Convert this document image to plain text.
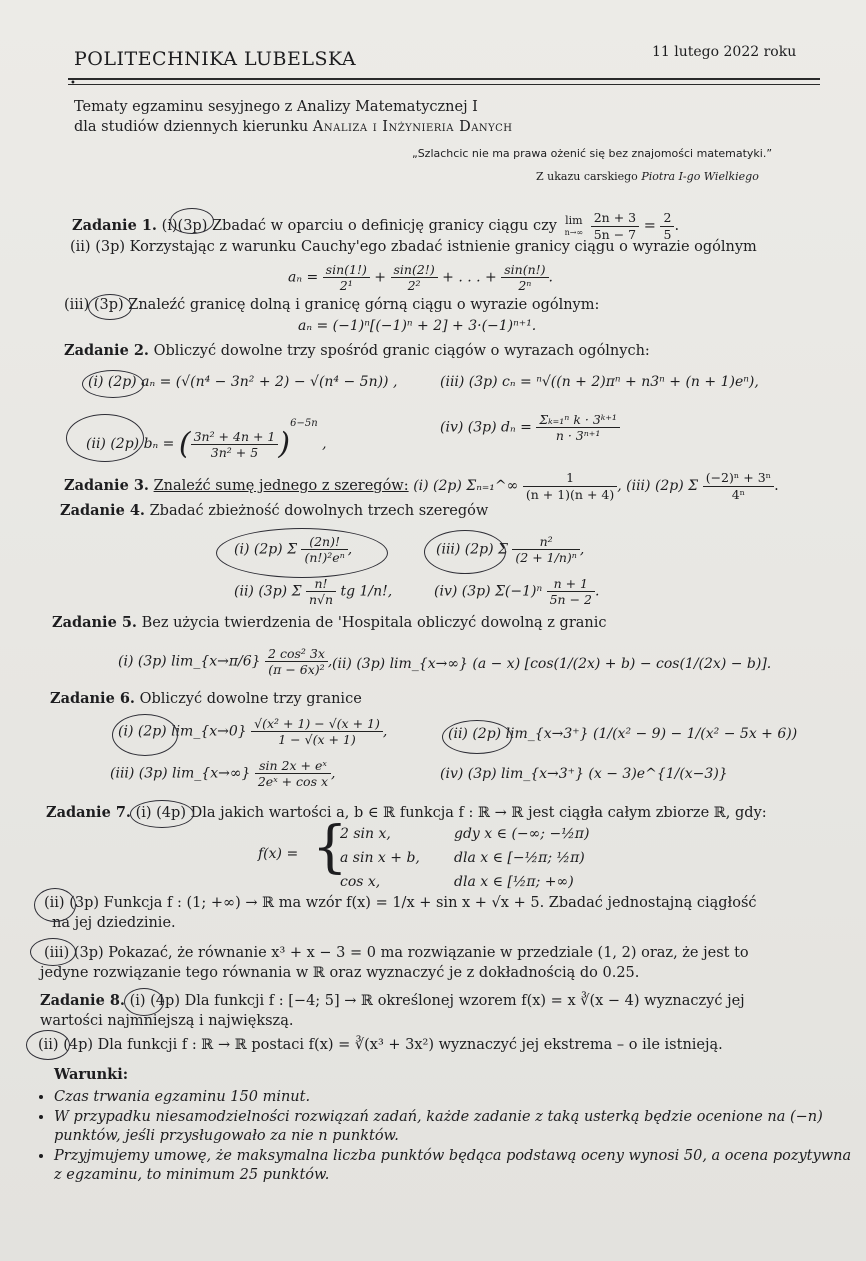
POLITECHNIKA LUBELSKA	11 lutego 2022 roku
•
Tematy egzaminu sesyjnego z Analizy Matematycznej I
dla studiów dziennych kierunku Analiza i Inżynieria Danych
„Szlachcic nie ma prawa ożenić się bez znajomości matematyki.”
Z ukazu carskiego Piotra I-go Wielkiego
Zadanie 1. (i)(3p) Zbadać w oparciu o definicję granicy ciągu czy lim
n→∞
$\frac{2n + 3}{5n - 7} = \frac{2}{5}$ .
(ii) (3p) Korzystając z warunku Cauchy'ego zbadać istnienie granicy ciągu o wyrazie ogólnym
$a_n = \frac{\sin(1!)}{\text{2¹}} + \frac{\sin(2!)}{\text{2²}}$ + . . . + $\frac{\sin(n!)}{\text{2ⁿ}}$ .
(iii) (3p) Znaleźć granicę dolną i granicę górną ciągu o wyrazie ogólnym:
aₙ = (−1)ⁿ[(−1)ⁿ + 2] + 3·(−1)ⁿ⁺¹.
Zadanie 2. Obliczyć dowolne trzy spośród granic ciągów o wyrazach ogólnych:
(i) (2p) aₙ = (√(n⁴ − 3n² + 2) − √(n⁴ − 5n)) ,	(iii) (3p) cₙ = ⁿ√((n + 2)πⁿ + n3ⁿ + (n + 1)eⁿ),
(ii) (2p) bₙ = ( $\frac{\text{3n² + 4n + 1}}{\text{3n² + 5}} )^{6-5n}$ ,
(iv) (3p) $d_n = \frac{\text{Σₖ₌₁ⁿ k · 3ᵏ⁺¹}}{\text{n · 3ⁿ⁺¹}}$
Zadanie 3. Znaleźć sumę jednego z szeregów: (i) (2p) Σₙ₌₁^∞ $\frac{1}{(n + 1)(n + 4)}$ , (iii) (2p) Σ $\frac{\text{(−2)ⁿ + 3ⁿ}}{\text{4ⁿ}}$ .
Zadanie 4. Zbadać zbieżność dowolnych trzech szeregów
(i) (2p) Σ $\frac{(2n)!}{\text{(n!)²eⁿ}}$ ,	(iii) (2p) Σ $\frac{\text{n²}}{\text{(2 + 1/n)ⁿ}}$ ,
(ii) (3p) Σ $\frac{n!}{n√n}$ tg 1/n!,	(iv) (3p) $\Sigma(-1)^n \frac{n + 1}{5n - 2}$ .
Zadanie 5. Bez użycia twierdzenia de 'Hospitala obliczyć dowolną z granic
(i) (3p) lim_{x→π/6} $\frac{\text{2 cos² 3x}}{\text{(π − 6x)²}}$ , (ii) (3p) lim_{x→∞} (a − x) [cos(1/(2x) + b) − cos(1/(2x) − b)].
Zadanie 6. Obliczyć dowolne trzy granice
(i) (2p) lim_{x→0} $\frac{\text{√(x² + 1) − √(x + 1)}}{1 - √(x + 1)}$ ,	(ii) (2p) lim_{x→3⁺} (1/(x² − 9) − 1/(x² − 5x + 6))
(iii) (3p) lim_{x→∞} $\frac{\text{sin 2x + eˣ}}{\text{2eˣ + cos x}}$ ,	(iv) (3p) lim_{x→3⁺} (x − 3)e^{1/(x−3)}
Zadanie 7. (i) (4p) Dla jakich wartości a, b ∈ ℝ funkcja f : ℝ → ℝ jest ciągła całym zbiorze ℝ, gdy:
f(x) = {
2 sin x,	gdy x ∈ (−∞; −½π)
a sin x + b, dla x ∈ [−½π; ½π)
cos x,	dla x ∈ [½π; +∞)
(ii) (3p) Funkcja f : (1; +∞) → ℝ ma wzór f(x) = 1/x + sin x + √x + 5. Zbadać jednostajną ciągłość
na jej dziedzinie.
(iii) (3p) Pokazać, że równanie x³ + x − 3 = 0 ma rozwiązanie w przedziale (1, 2) oraz, że jest to
jedyne rozwiązanie tego równania w ℝ oraz wyznaczyć je z dokładnością do 0.25.
Zadanie 8. (i) (4p) Dla funkcji f : [−4; 5] → ℝ określonej wzorem f(x) = x ∛(x − 4) wyznaczyć jej
wartości najmniejszą i największą.
(ii) (4p) Dla funkcji f : ℝ → ℝ postaci f(x) = ∛(x³ + 3x²) wyznaczyć jej ekstrema – o ile istnieją.
Warunki:
• Czas trwania egzaminu 150 minut.
• W przypadku niesamodzielności rozwiązań zadań, każde zadanie z taką usterką będzie ocenione na (−n) punktów, jeśli przysługowało za nie n punktów.
• Przyjmujemy umowę, że maksymalna liczba punktów będąca podstawą oceny wynosi 50, a ocena pozytywna z egzaminu, to minimum 25 punktów.
